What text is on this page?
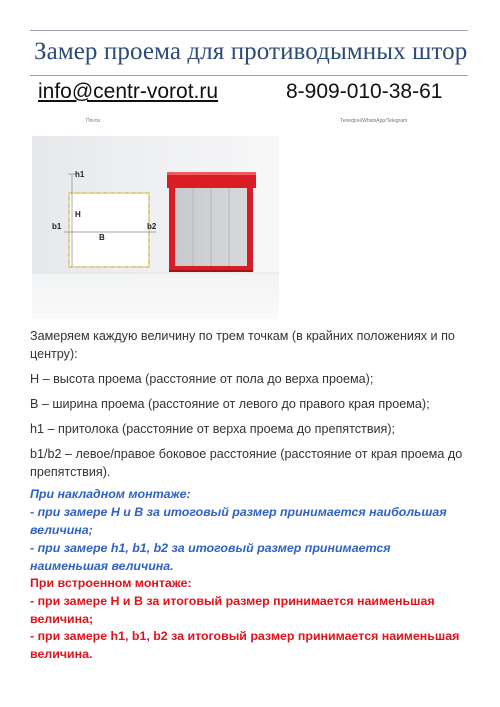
Замер проема для противодымных штор
info@centr-vorot.ru	8-909-010-38-61
Почта	Телефон/WhatsApp/Telegram
h1
H
B
b1	b2

Замеряем каждую величину по трем точкам (в крайних положениях и по центру):

H – высота проема (расстояние от пола до верха проема);

B – ширина проема (расстояние от левого до правого края проема);

h1 – притолока (расстояние от верха проема до препятствия);

b1/b2 – левое/правое боковое расстояние (расстояние от края проема до препятствия).

При накладном монтаже:

- при замере H и B за итоговый размер принимается наибольшая величина;

- при замере h1, b1, b2 за итоговый размер принимается наименьшая величина.

При встроенном монтаже:

- при замере H и B за итоговый размер принимается наименьшая величина;

- при замере h1, b1, b2 за итоговый размер принимается наименьшая величина.
